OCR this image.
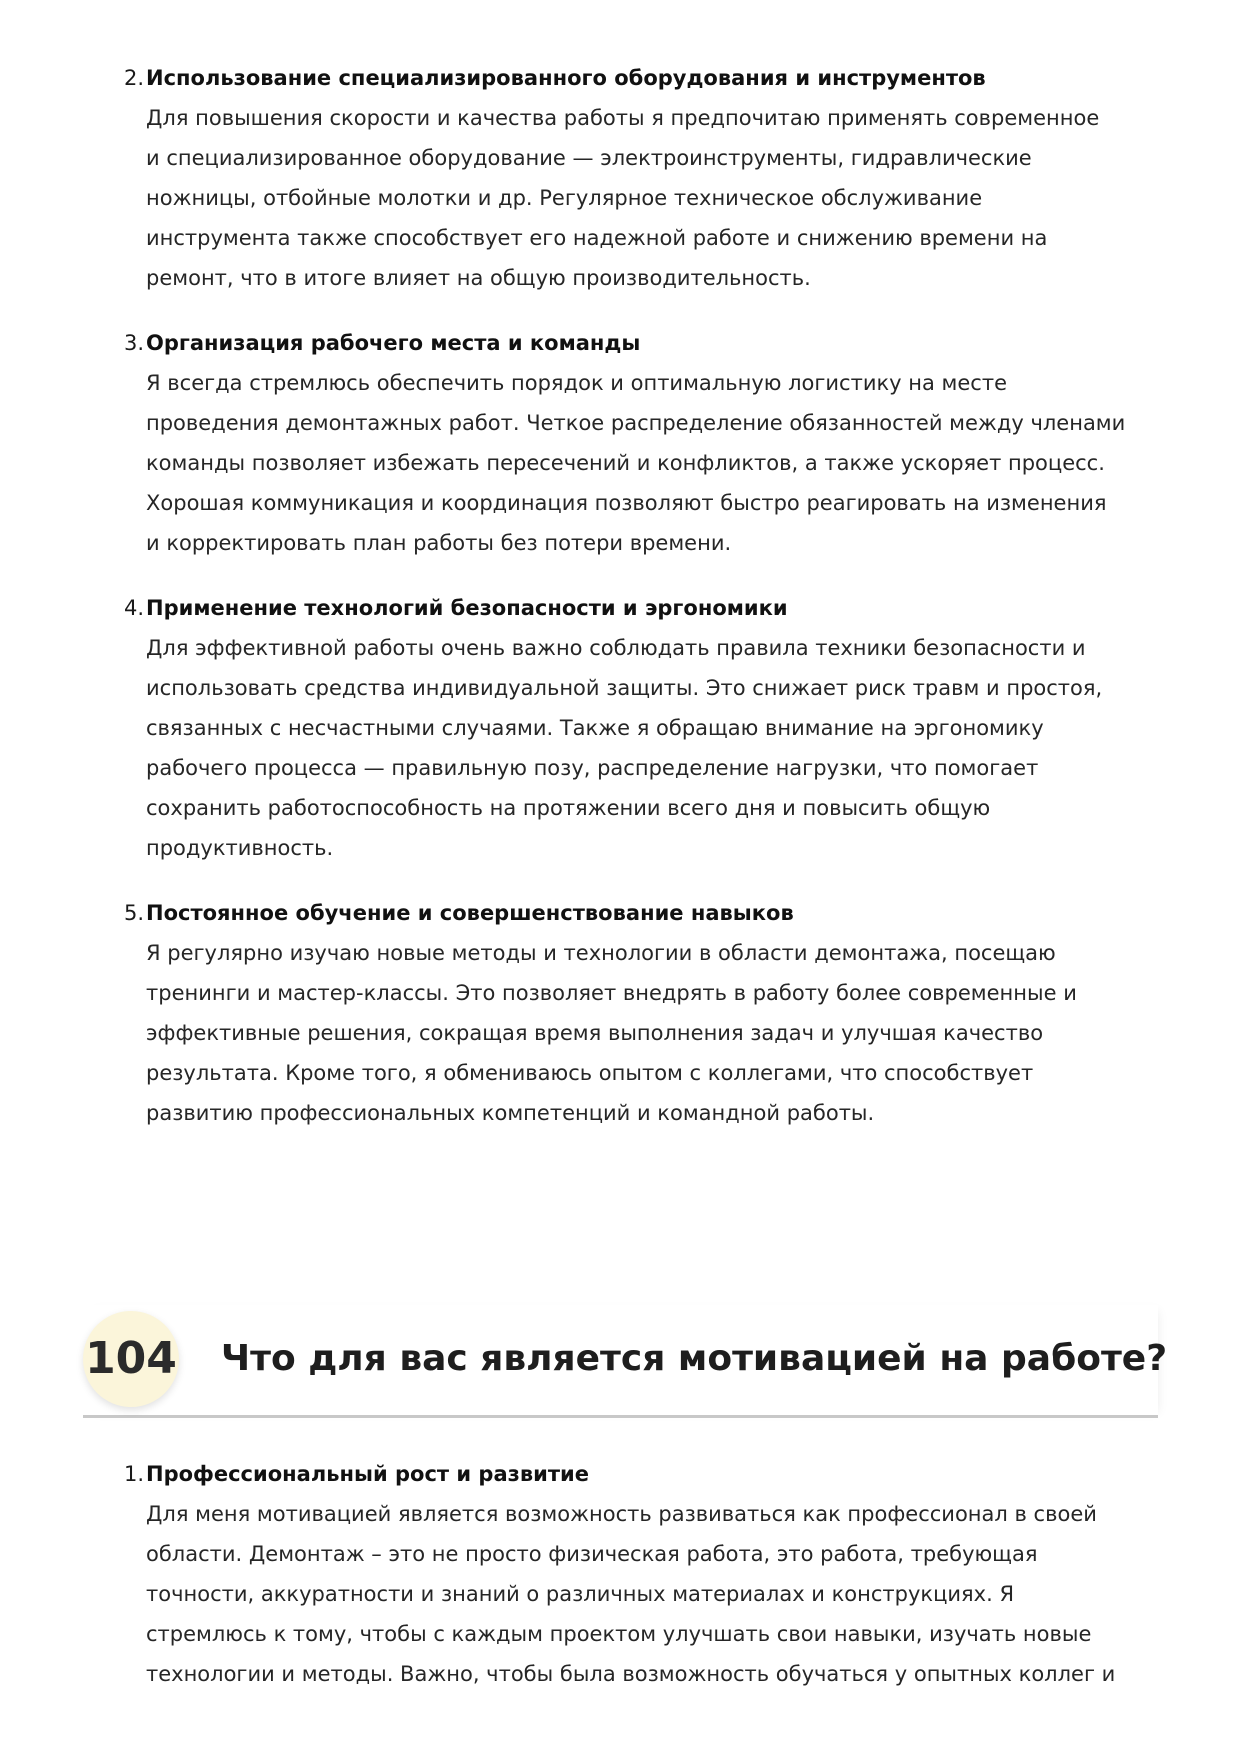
2. Использование специализированного оборудования и инструментов
Для повышения скорости и качества работы я предпочитаю применять современное
и специализированное оборудование — электроинструменты, гидравлические
ножницы, отбойные молотки и др. Регулярное техническое обслуживание
инструмента также способствует его надежной работе и снижению времени на
ремонт, что в итоге влияет на общую производительность.
3. Организация рабочего места и команды
Я всегда стремлюсь обеспечить порядок и оптимальную логистику на месте
проведения демонтажных работ. Четкое распределение обязанностей между членами
команды позволяет избежать пересечений и конфликтов, а также ускоряет процесс.
Хорошая коммуникация и координация позволяют быстро реагировать на изменения
и корректировать план работы без потери времени.
4. Применение технологий безопасности и эргономики
Для эффективной работы очень важно соблюдать правила техники безопасности и
использовать средства индивидуальной защиты. Это снижает риск травм и простоя,
связанных с несчастными случаями. Также я обращаю внимание на эргономику
рабочего процесса — правильную позу, распределение нагрузки, что помогает
сохранить работоспособность на протяжении всего дня и повысить общую
продуктивность.
5. Постоянное обучение и совершенствование навыков
Я регулярно изучаю новые методы и технологии в области демонтажа, посещаю
тренинги и мастер-классы. Это позволяет внедрять в работу более современные и
эффективные решения, сокращая время выполнения задач и улучшая качество
результата. Кроме того, я обмениваюсь опытом с коллегами, что способствует
развитию профессиональных компетенций и командной работы.
104 Что для вас является мотивацией на работе?
1. Профессиональный рост и развитие
Для меня мотивацией является возможность развиваться как профессионал в своей
области. Демонтаж – это не просто физическая работа, это работа, требующая
точности, аккуратности и знаний о различных материалах и конструкциях. Я
стремлюсь к тому, чтобы с каждым проектом улучшать свои навыки, изучать новые
технологии и методы. Важно, чтобы была возможность обучаться у опытных коллег и
